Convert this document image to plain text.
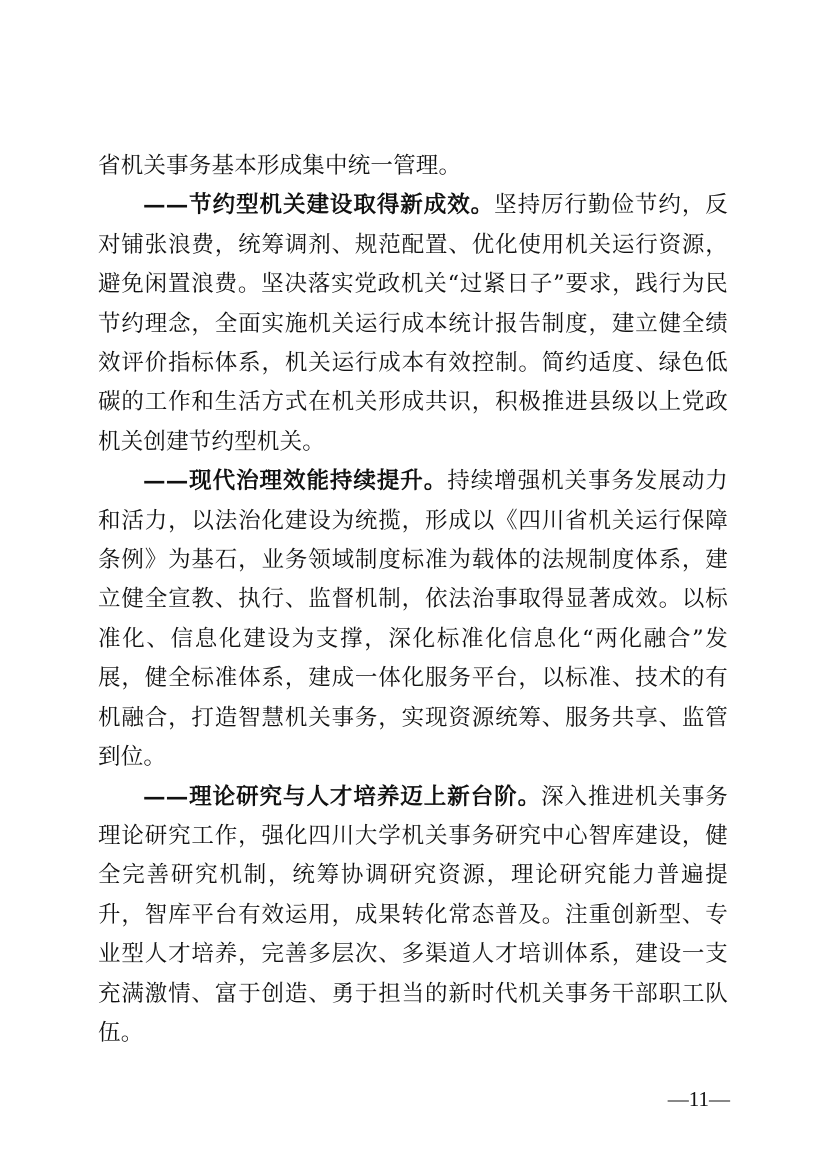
省机关事务基本形成集中统一管理。

——节约型机关建设取得新成效。坚持厉行勤俭节约，反对铺张浪费，统筹调剂、规范配置、优化使用机关运行资源，避免闲置浪费。坚决落实党政机关“过紧日子”要求，践行为民节约理念，全面实施机关运行成本统计报告制度，建立健全绩效评价指标体系，机关运行成本有效控制。简约适度、绿色低碳的工作和生活方式在机关形成共识，积极推进县级以上党政机关创建节约型机关。

——现代治理效能持续提升。持续增强机关事务发展动力和活力，以法治化建设为统揽，形成以《四川省机关运行保障条例》为基石，业务领域制度标准为载体的法规制度体系，建立健全宣教、执行、监督机制，依法治事取得显著成效。以标准化、信息化建设为支撑，深化标准化信息化“两化融合”发展，健全标准体系，建成一体化服务平台，以标准、技术的有机融合，打造智慧机关事务，实现资源统筹、服务共享、监管到位。

——理论研究与人才培养迈上新台阶。深入推进机关事务理论研究工作，强化四川大学机关事务研究中心智库建设，健全完善研究机制，统筹协调研究资源，理论研究能力普遍提升，智库平台有效运用，成果转化常态普及。注重创新型、专业型人才培养，完善多层次、多渠道人才培训体系，建设一支充满激情、富于创造、勇于担当的新时代机关事务干部职工队伍。

—11—
